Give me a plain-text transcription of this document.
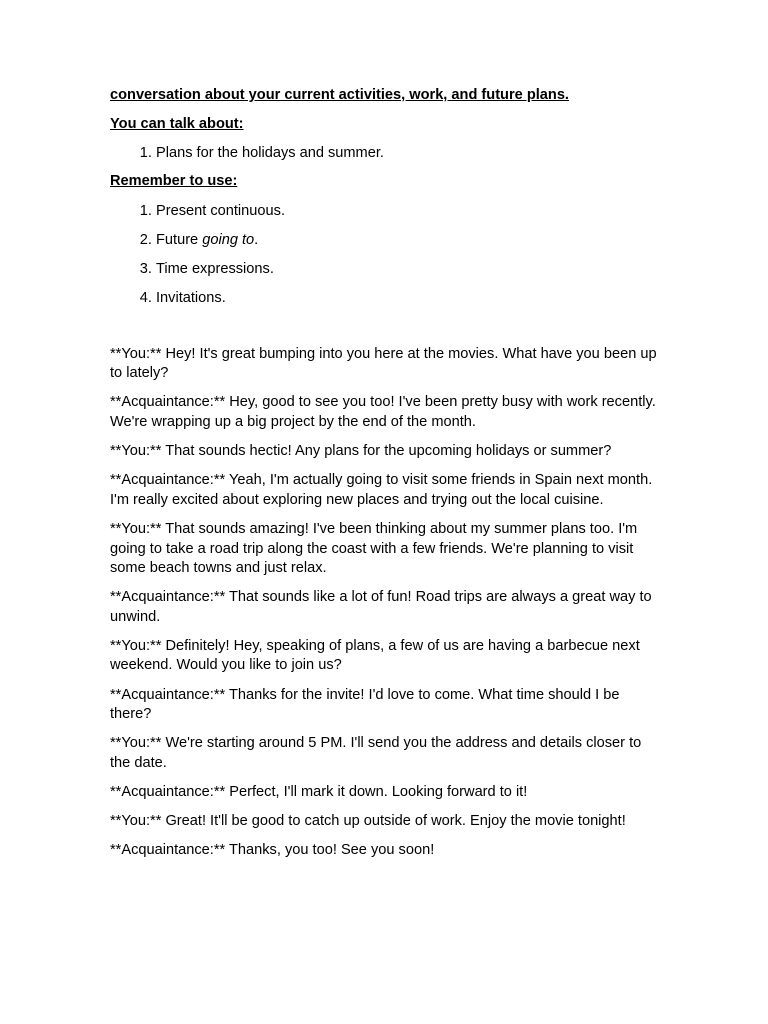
conversation about your current activities, work, and future plans.

You can talk about:

1. Plans for the holidays and summer.

Remember to use:

1. Present continuous.
2. Future going to.
3. Time expressions.
4. Invitations.

**You:** Hey! It's great bumping into you here at the movies. What have you been up to lately?

**Acquaintance:** Hey, good to see you too! I've been pretty busy with work recently. We're wrapping up a big project by the end of the month.

**You:** That sounds hectic! Any plans for the upcoming holidays or summer?

**Acquaintance:** Yeah, I'm actually going to visit some friends in Spain next month. I'm really excited about exploring new places and trying out the local cuisine.

**You:** That sounds amazing! I've been thinking about my summer plans too. I'm going to take a road trip along the coast with a few friends. We're planning to visit some beach towns and just relax.

**Acquaintance:** That sounds like a lot of fun! Road trips are always a great way to unwind.

**You:** Definitely! Hey, speaking of plans, a few of us are having a barbecue next weekend. Would you like to join us?

**Acquaintance:** Thanks for the invite! I'd love to come. What time should I be there?

**You:** We're starting around 5 PM. I'll send you the address and details closer to the date.

**Acquaintance:** Perfect, I'll mark it down. Looking forward to it!

**You:** Great! It'll be good to catch up outside of work. Enjoy the movie tonight!

**Acquaintance:** Thanks, you too! See you soon!
